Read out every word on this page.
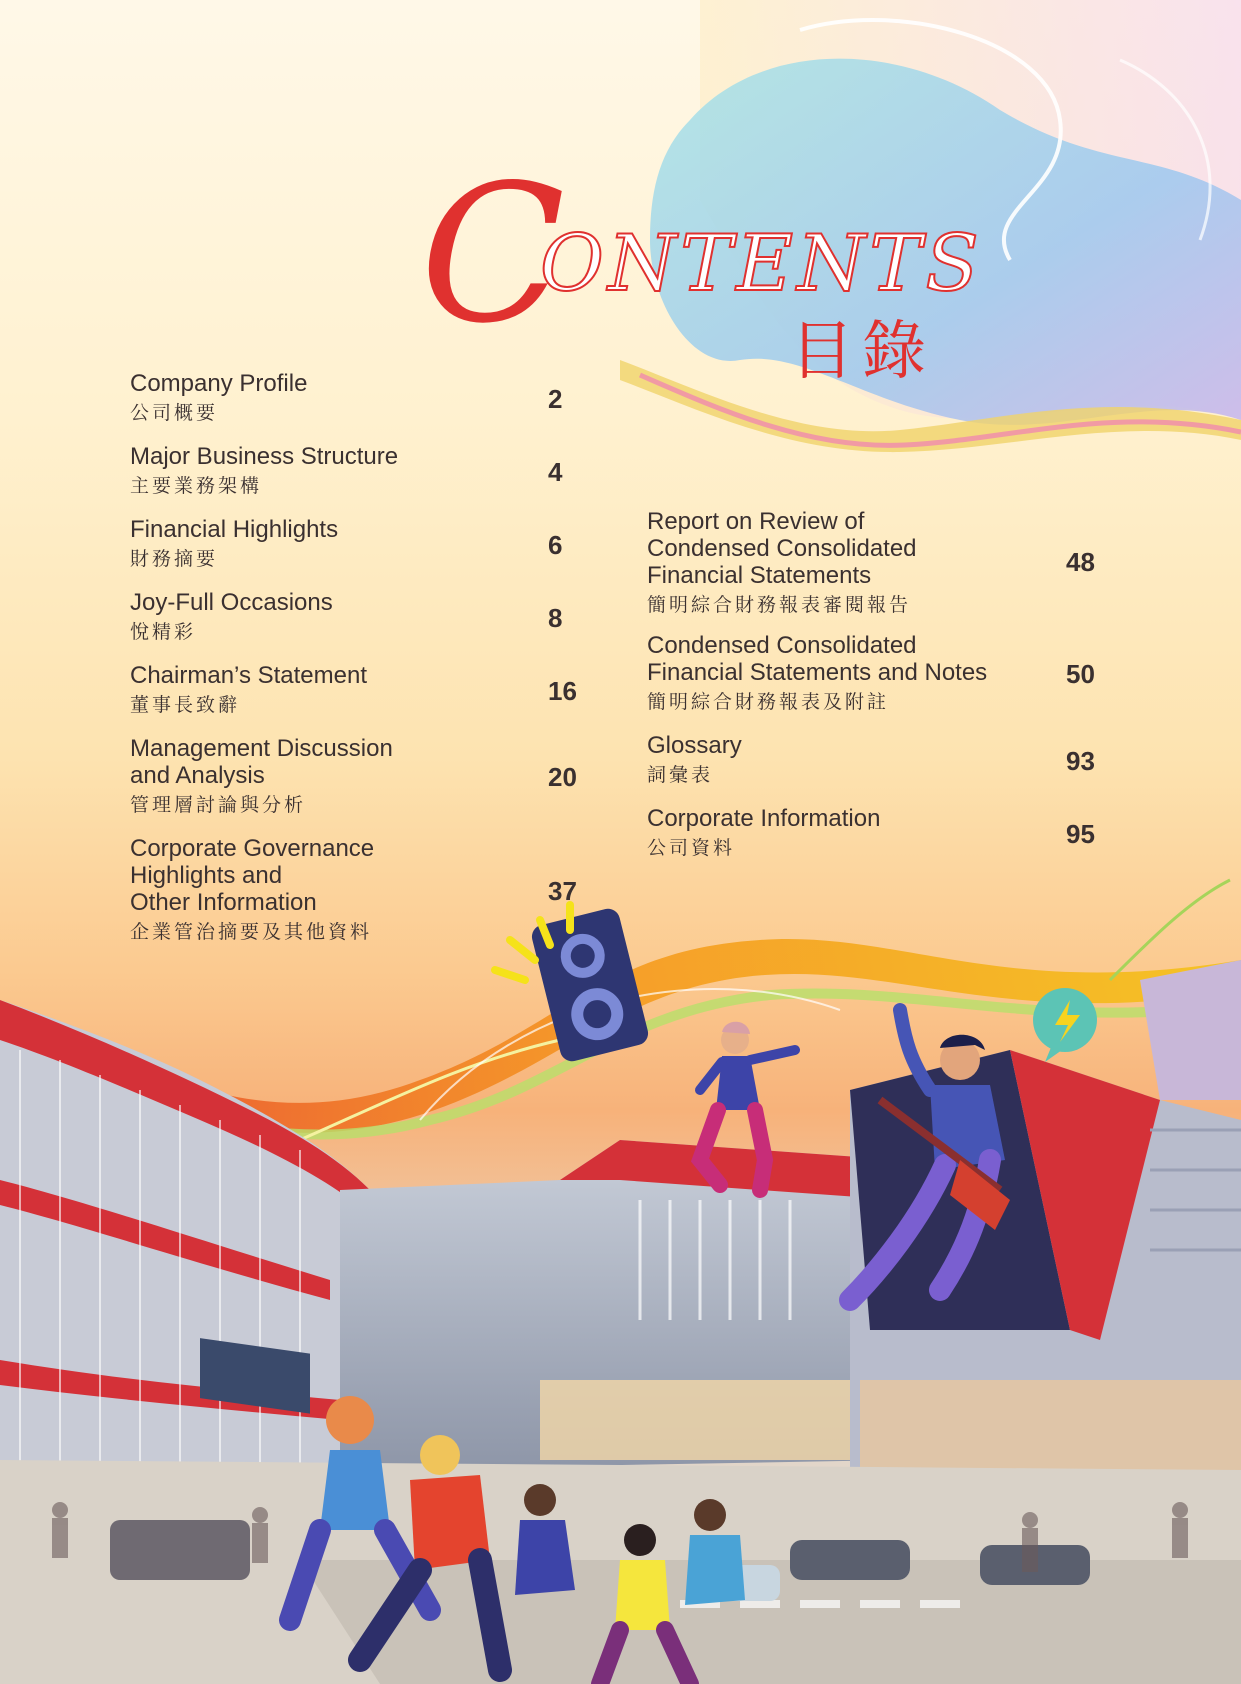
C
ONTENTS
目錄
Company Profile
公司概要	2
Major Business Structure
主要業務架構	4
Financial Highlights
財務摘要	6
Joy-Full Occasions
悅精彩	8
Chairman’s Statement
董事長致辭	16
Management Discussion
and Analysis
管理層討論與分析
20
Corporate Governance
Highlights and
Other Information
企業管治摘要及其他資料
37
Report on Review of
Condensed Consolidated
Financial Statements
簡明綜合財務報表審閱報告
48
Condensed Consolidated
Financial Statements and Notes
簡明綜合財務報表及附註
50
Glossary
詞彙表	93
Corporate Information
公司資料	95
